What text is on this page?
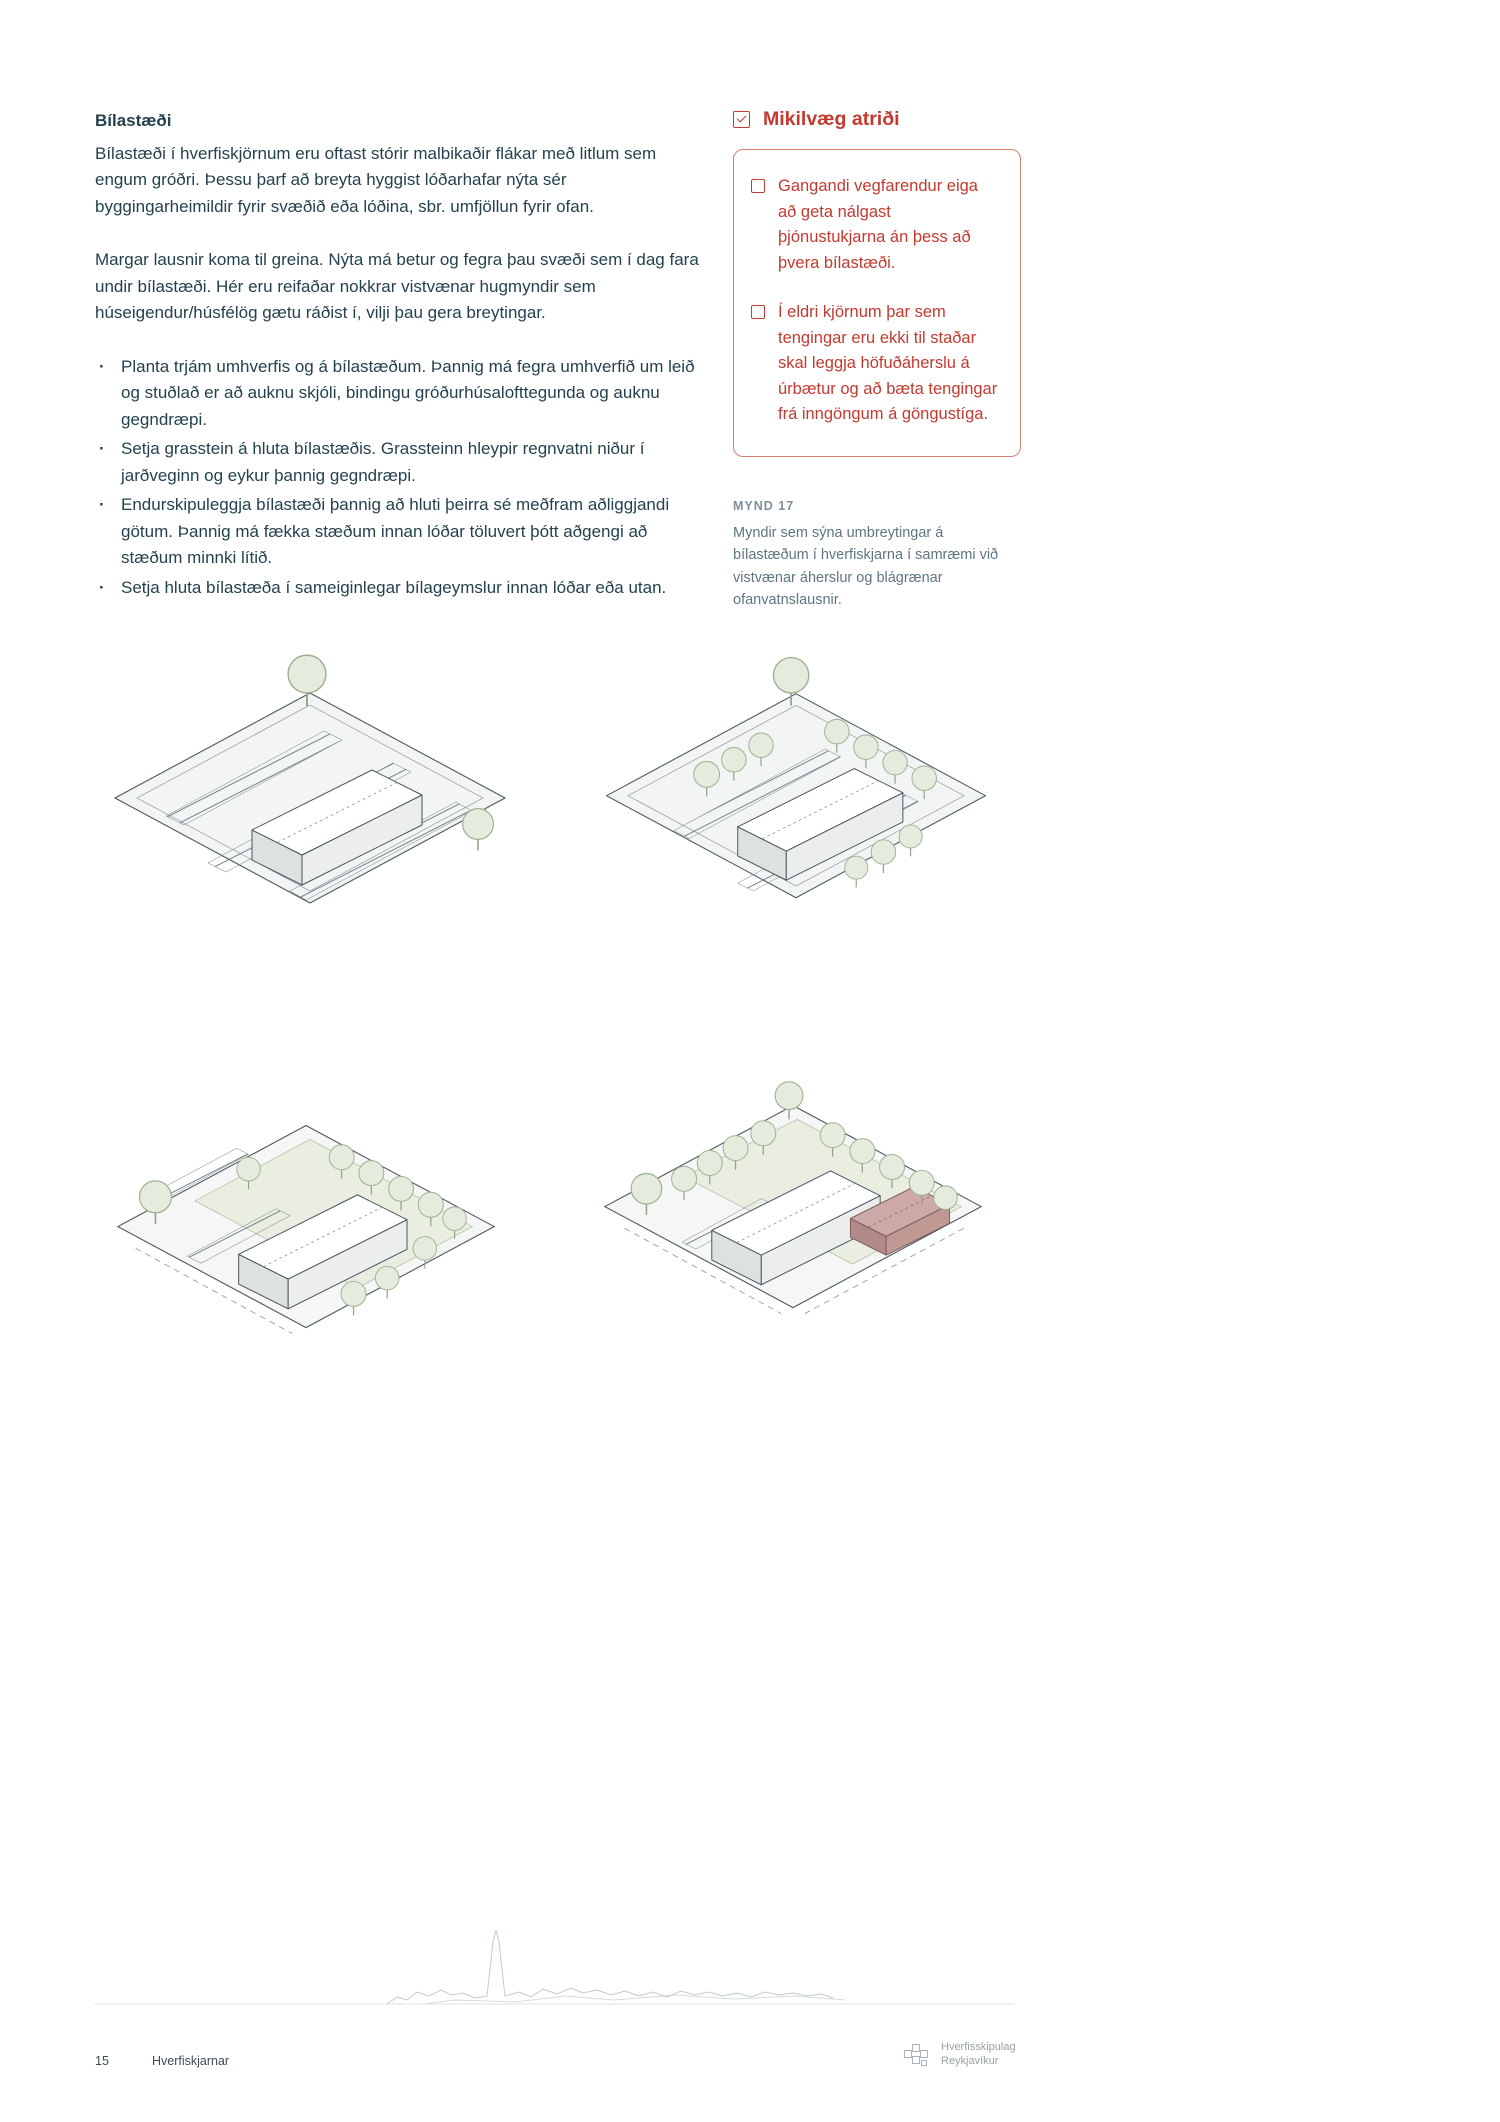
Bílastæði

Bílastæði í hverfiskjörnum eru oftast stórir malbikaðir flákar með litlum sem engum gróðri. Þessu þarf að breyta hyggist lóðarhafar nýta sér byggingarheimildir fyrir svæðið eða lóðina, sbr. umfjöllun fyrir ofan.

Margar lausnir koma til greina. Nýta má betur og fegra þau svæði sem í dag fara undir bílastæði. Hér eru reifaðar nokkrar vistvænar hugmyndir sem húseigendur/húsfélög gætu ráðist í, vilji þau gera breytingar.

· Planta trjám umhverfis og á bílastæðum. Þannig má fegra umhverfið um leið og stuðlað er að auknu skjóli, bindingu gróðurhúsalofttegunda og auknu gegndræpi.
· Setja grasstein á hluta bílastæðis. Grassteinn hleypir regnvatni niður í jarðveginn og eykur þannig gegndræpi.
· Endurskipuleggja bílastæði þannig að hluti þeirra sé meðfram aðliggjandi götum. Þannig má fækka stæðum innan lóðar töluvert þótt aðgengi að stæðum minnki lítið.
· Setja hluta bílastæða í sameiginlegar bílageymslur innan lóðar eða utan.
Mikilvæg atriði

Gangandi vegfarendur eiga að geta nálgast þjónustukjarna án þess að þvera bílastæði.

Í eldri kjörnum þar sem tengingar eru ekki til staðar skal leggja höfuðáherslu á úrbætur og að bæta tengingar frá inngöngum á göngustíga.

MYND 17

Myndir sem sýna umbreytingar á bílastæðum í hverfiskjarna í samræmi við vistvænar áherslur og blágrænar ofanvatnslausnir.

15	Hverfiskjarnar
Hverfisskipulag
Reykjavíkur
